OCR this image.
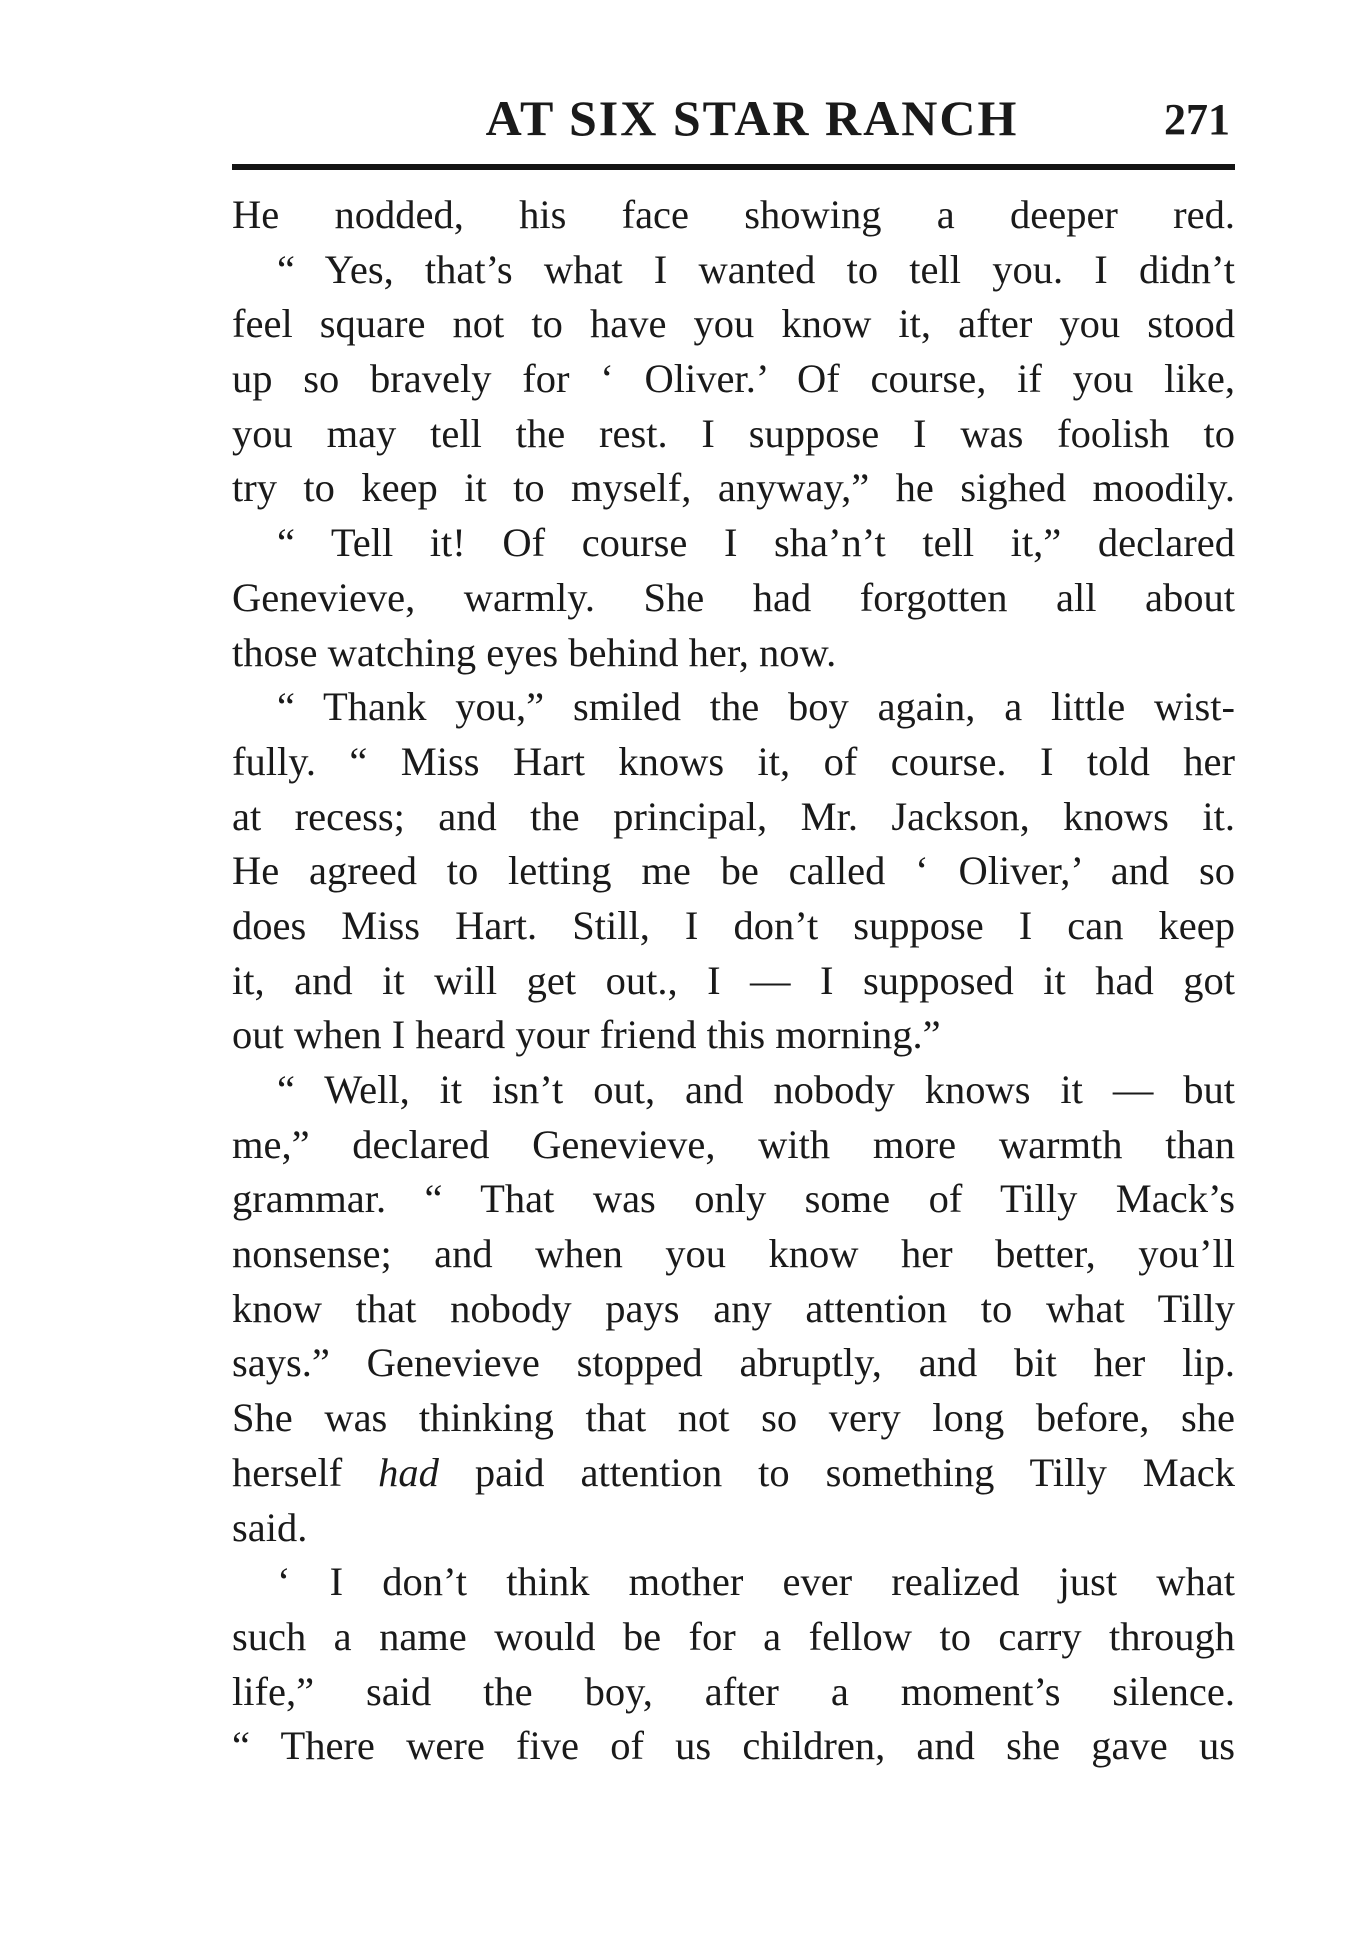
AT SIX STAR RANCH	271
He nodded, his face showing a deeper red.
“ Yes, that’s what I wanted to tell you. I didn’t
feel square not to have you know it, after you stood
up so bravely for ‘ Oliver.’ Of course, if you like,
you may tell the rest. I suppose I was foolish to
try to keep it to myself, anyway,” he sighed moodily.
“ Tell it! Of course I sha’n’t tell it,” declared
Genevieve, warmly. She had forgotten all about
those watching eyes behind her, now.
“ Thank you,” smiled the boy again, a little wist-
fully. “ Miss Hart knows it, of course. I told her
at recess; and the principal, Mr. Jackson, knows it.
He agreed to letting me be called ‘ Oliver,’ and so
does Miss Hart. Still, I don’t suppose I can keep
it, and it will get out., I — I supposed it had got
out when I heard your friend this morning.”
“ Well, it isn’t out, and nobody knows it — but
me,” declared Genevieve, with more warmth than
grammar. “ That was only some of Tilly Mack’s
nonsense; and when you know her better, you’ll
know that nobody pays any attention to what Tilly
says.” Genevieve stopped abruptly, and bit her lip.
She was thinking that not so very long before, she
herself had paid attention to something Tilly Mack
said.
‘ I don’t think mother ever realized just what
such a name would be for a fellow to carry through
life,” said the boy, after a moment’s silence.
“ There were five of us children, and she gave us
